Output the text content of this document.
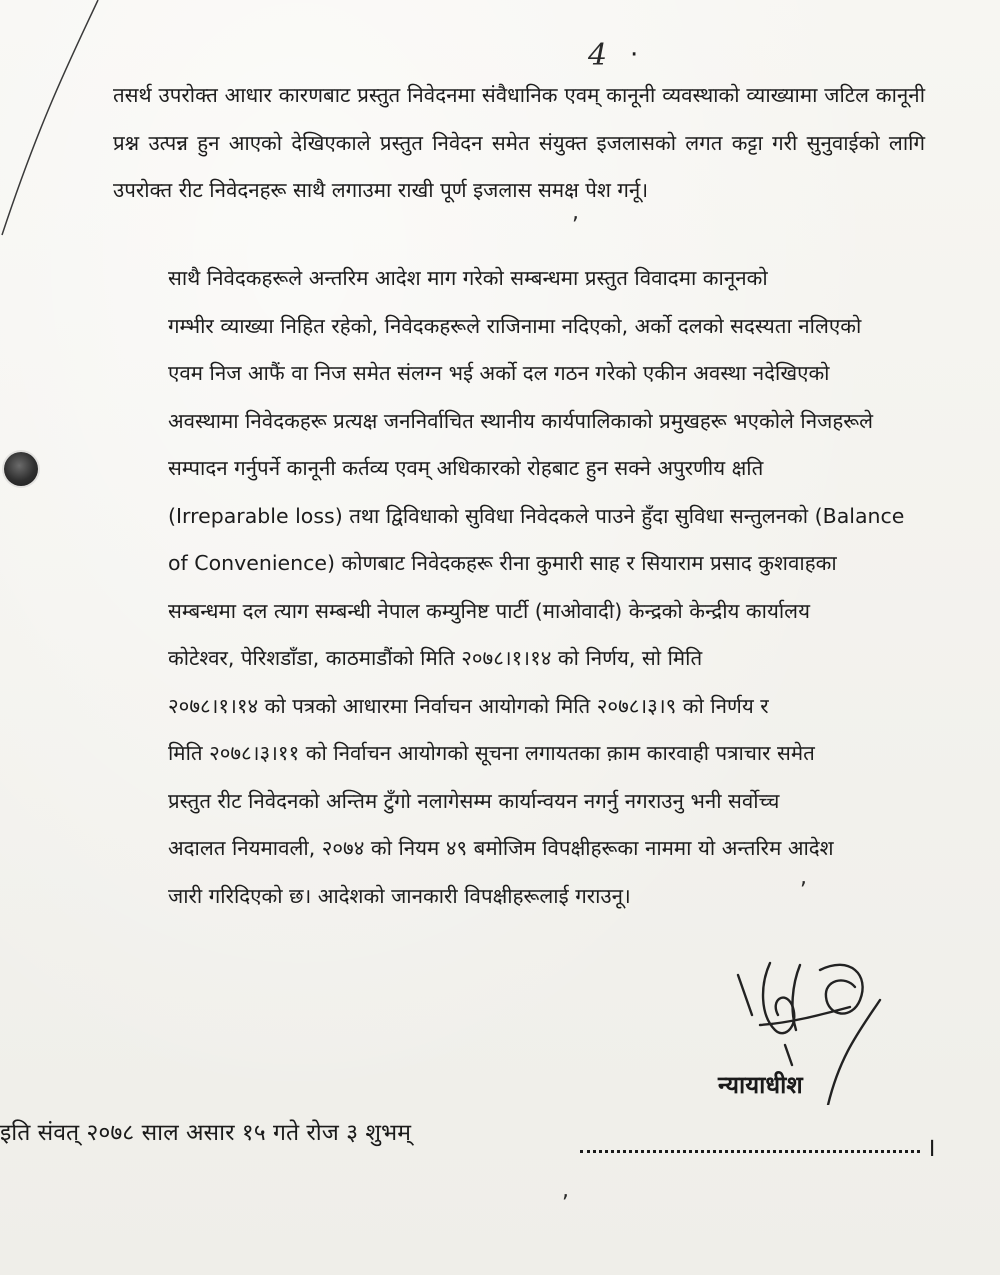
4 ·
तसर्थ उपरोक्त आधार कारणबाट प्रस्तुत निवेदनमा संवैधानिक एवम् कानूनी व्यवस्थाको व्याख्यामा जटिल कानूनी प्रश्न उत्पन्न हुन आएको देखिएकाले प्रस्तुत निवेदन समेत संयुक्त इजलासको लगत कट्टा गरी सुनुवाईको लागि उपरोक्त रीट निवेदनहरू साथै लगाउमा राखी पूर्ण इजलास समक्ष पेश गर्नू।
साथै निवेदकहरूले अन्तरिम आदेश माग गरेको सम्बन्धमा प्रस्तुत विवादमा कानूनको
गम्भीर व्याख्या निहित रहेको, निवेदकहरूले राजिनामा नदिएको, अर्को दलको सदस्यता नलिएको
एवम निज आफैं वा निज समेत संलग्न भई अर्को दल गठन गरेको एकीन अवस्था नदेखिएको
अवस्थामा निवेदकहरू प्रत्यक्ष जननिर्वाचित स्थानीय कार्यपालिकाको प्रमुखहरू भएकोले निजहरूले
सम्पादन गर्नुपर्ने कानूनी कर्तव्य एवम् अधिकारको रोहबाट हुन सक्ने अपुरणीय क्षति
(Irreparable loss) तथा द्विविधाको सुविधा निवेदकले पाउने हुँदा सुविधा सन्तुलनको (Balance
of Convenience) कोणबाट निवेदकहरू रीना कुमारी साह र सियाराम प्रसाद कुशवाहका
सम्बन्धमा दल त्याग सम्बन्धी नेपाल कम्युनिष्ट पार्टी (माओवादी) केन्द्रको केन्द्रीय कार्यालय
कोटेश्वर, पेरिशडाँडा, काठमाडौंको मिति २०७८।१।१४ को निर्णय, सो मिति
२०७८।१।१४ को पत्रको आधारमा निर्वाचन आयोगको मिति २०७८।३।९ को निर्णय र
मिति २०७८।३।११ को निर्वाचन आयोगको सूचना लगायतका क़ाम कारवाही पत्राचार समेत
प्रस्तुत रीट निवेदनको अन्तिम टुँगो नलागेसम्म कार्यान्वयन नगर्नु नगराउनु भनी सर्वोच्च
अदालत नियमावली, २०७४ को नियम ४९ बमोजिम विपक्षीहरूका नाममा यो अन्तरिम आदेश
जारी गरिदिएको छ। आदेशको जानकारी विपक्षीहरूलाई गराउनू।
,
,
,
न्यायाधीश
इति संवत् २०७८ साल असार १५ गते रोज ३ शुभम्	।
